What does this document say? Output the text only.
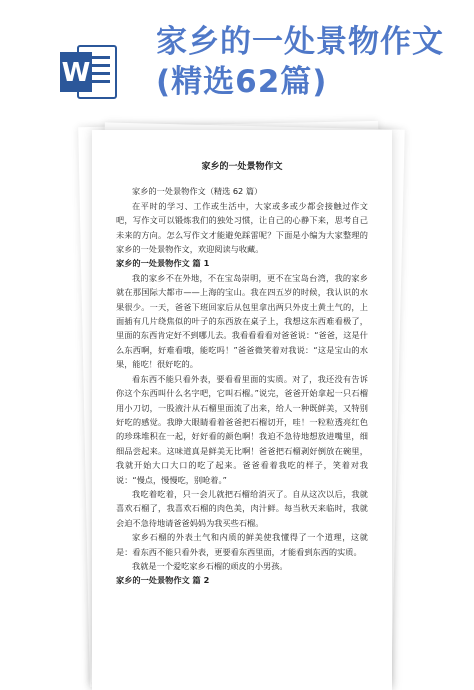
W
家乡的一处景物作文(精选62篇)
家乡的一处景物作文

家乡的一处景物作文（精选 62 篇）

在平时的学习、工作或生活中，大家或多或少都会接触过作文吧，写作文可以锻炼我们的独处习惯，让自己的心静下来，思考自己未来的方向。怎么写作文才能避免踩雷呢？下面是小编为大家整理的家乡的一处景物作文，欢迎阅读与收藏。

家乡的一处景物作文 篇 1

我的家乡不在外地，不在宝岛崇明，更不在宝岛台湾，我的家乡就在那国际大都市——上海的宝山。我在四五岁的时候，我认识的水果很少。一天，爸爸下班回家后从包里拿出两只外皮土黄土气的，上面插有几片绕焦似的叶子的东西放在桌子上，我想这东西难看极了，里面的东西肯定好不到哪儿去。我看看看看对爸爸说：“爸爸，这是什么东西啊，好难看哦，能吃吗！”爸爸微笑着对我说：“这是宝山的水果，能吃！很好吃的。

看东西不能只看外表，要看看里面的实质。对了，我还没有告诉你这个东西叫什么名字吧，它叫石榴。”说完，爸爸开始拿起一只石榴用小刀切，一股液汁从石榴里面流了出来，给人一种既鲜美，又特别好吃的感觉。我睁大眼睛看着爸爸把石榴切开，哇！一粒粒透亮红色的珍珠堆积在一起，好好看的颜色啊！我迫不急待地想放进嘴里，细细品尝起来。这味道真是鲜美无比啊！爸爸把石榴剥好倒放在碗里，我就开始大口大口的吃了起来。爸爸看着我吃的样子，笑着对我说：“慢点，慢慢吃，别呛着。”

我吃着吃着，只一会儿就把石榴给消灭了。自从这次以后，我就喜欢石榴了，我喜欢石榴的肉色美，肉汁鲜。每当秋天来临时，我就会迫不急待地请爸爸妈妈为我买些石榴。

家乡石榴的外表土气和内质的鲜美使我懂得了一个道理，这就是：看东西不能只看外表，更要看东西里面，才能看到东西的实质。

我就是一个爱吃家乡石榴的顽皮的小男孩。

家乡的一处景物作文 篇 2
